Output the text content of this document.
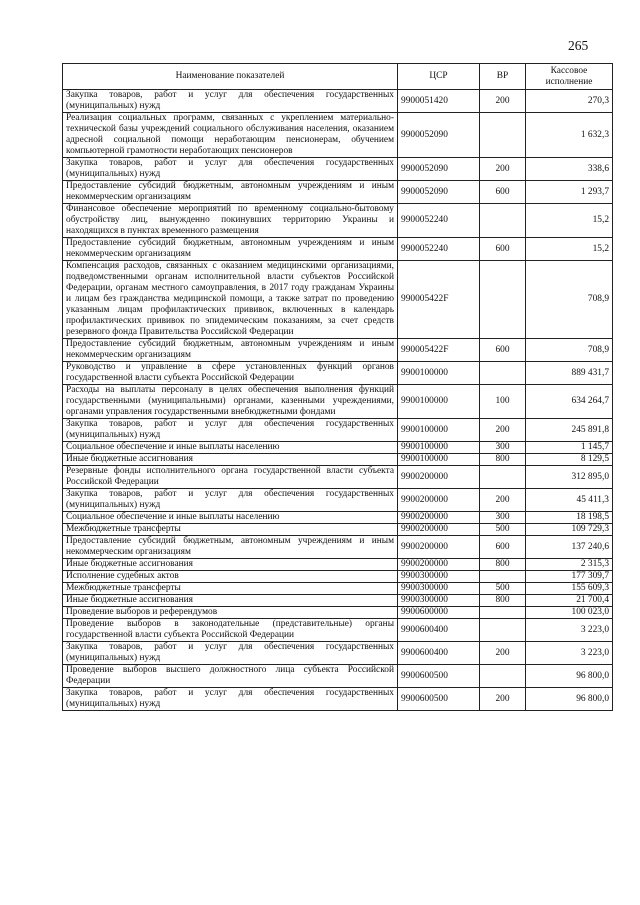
265
Наименование показателей	ЦСР	ВР	Кассовое исполнение
Закупка товаров, работ и услуг для обеспечения государственных (муниципальных) нужд	9900051420	200	270,3
Реализация социальных программ, связанных с укреплением материально-технической базы учреждений социального обслуживания населения, оказанием адресной социальной помощи неработающим пенсионерам, обучением компьютерной грамотности неработающих пенсионеров	9900052090		1 632,3
Закупка товаров, работ и услуг для обеспечения государственных (муниципальных) нужд	9900052090	200	338,6
Предоставление субсидий бюджетным, автономным учреждениям и иным некоммерческим организациям	9900052090	600	1 293,7
Финансовое обеспечение мероприятий по временному социально-бытовому обустройству лиц, вынужденно покинувших территорию Украины и находящихся в пунктах временного размещения	9900052240		15,2
Предоставление субсидий бюджетным, автономным учреждениям и иным некоммерческим организациям	9900052240	600	15,2
Компенсация расходов, связанных с оказанием медицинскими организациями, подведомственными органам исполнительной власти субъектов Российской Федерации, органам местного самоуправления, в 2017 году гражданам Украины и лицам без гражданства медицинской помощи, а также затрат по проведению указанным лицам профилактических прививок, включенных в календарь профилактических прививок по эпидемическим показаниям, за счет средств резервного фонда Правительства Российской Федерации	990005422F		708,9
Предоставление субсидий бюджетным, автономным учреждениям и иным некоммерческим организациям	990005422F	600	708,9
Руководство и управление в сфере установленных функций органов государственной власти субъекта Российской Федерации	9900100000		889 431,7
Расходы на выплаты персоналу в целях обеспечения выполнения функций государственными (муниципальными) органами, казенными учреждениями, органами управления государственными внебюджетными фондами	9900100000	100	634 264,7
Закупка товаров, работ и услуг для обеспечения государственных (муниципальных) нужд	9900100000	200	245 891,8
Социальное обеспечение и иные выплаты населению	9900100000	300	1 145,7
Иные бюджетные ассигнования	9900100000	800	8 129,5
Резервные фонды исполнительного органа государственной власти субъекта Российской Федерации	9900200000		312 895,0
Закупка товаров, работ и услуг для обеспечения государственных (муниципальных) нужд	9900200000	200	45 411,3
Социальное обеспечение и иные выплаты населению	9900200000	300	18 198,5
Межбюджетные трансферты	9900200000	500	109 729,3
Предоставление субсидий бюджетным, автономным учреждениям и иным некоммерческим организациям	9900200000	600	137 240,6
Иные бюджетные ассигнования	9900200000	800	2 315,3
Исполнение судебных актов	9900300000		177 309,7
Межбюджетные трансферты	9900300000	500	155 609,3
Иные бюджетные ассигнования	9900300000	800	21 700,4
Проведение выборов и референдумов	9900600000		100 023,0
Проведение выборов в законодательные (представительные) органы государственной власти субъекта Российской Федерации	9900600400		3 223,0
Закупка товаров, работ и услуг для обеспечения государственных (муниципальных) нужд	9900600400	200	3 223,0
Проведение выборов высшего должностного лица субъекта Российской Федерации	9900600500		96 800,0
Закупка товаров, работ и услуг для обеспечения государственных (муниципальных) нужд	9900600500	200	96 800,0
